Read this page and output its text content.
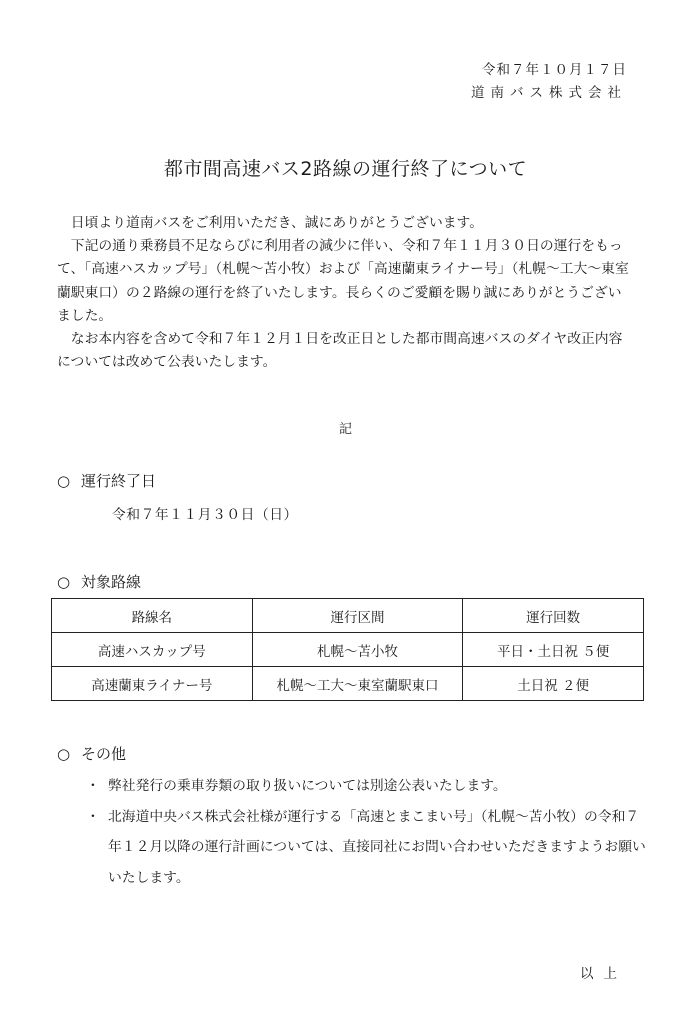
令和７年１０月１７日
道南バス株式会社
都市間高速バス2路線の運行終了について

日頃より道南バスをご利用いただき、誠にありがとうございます。

下記の通り乗務員不足ならびに利用者の減少に伴い、令和７年１１月３０日の運行をもって、「高速ハスカップ号」（札幌～苫小牧）および「高速蘭東ライナー号」（札幌～工大～東室蘭駅東口）の２路線の運行を終了いたします。長らくのご愛顧を賜り誠にありがとうございました。

なお本内容を含めて令和７年１２月１日を改正日とした都市間高速バスのダイヤ改正内容については改めて公表いたします。

記
○ 運行終了日
令和７年１１月３０日（日）
○ 対象路線
路線名	運行区間	運行回数
高速ハスカップ号	札幌～苫小牧	平日・土日祝 ５便
高速蘭東ライナー号	札幌～工大～東室蘭駅東口	土日祝 ２便
○ その他
・ 弊社発行の乗車券類の取り扱いについては別途公表いたします。
・ 北海道中央バス株式会社様が運行する「高速とまこまい号」（札幌～苫小牧）の令和７年１２月以降の運行計画については、直接同社にお問い合わせいただきますようお願いいたします。
以上
